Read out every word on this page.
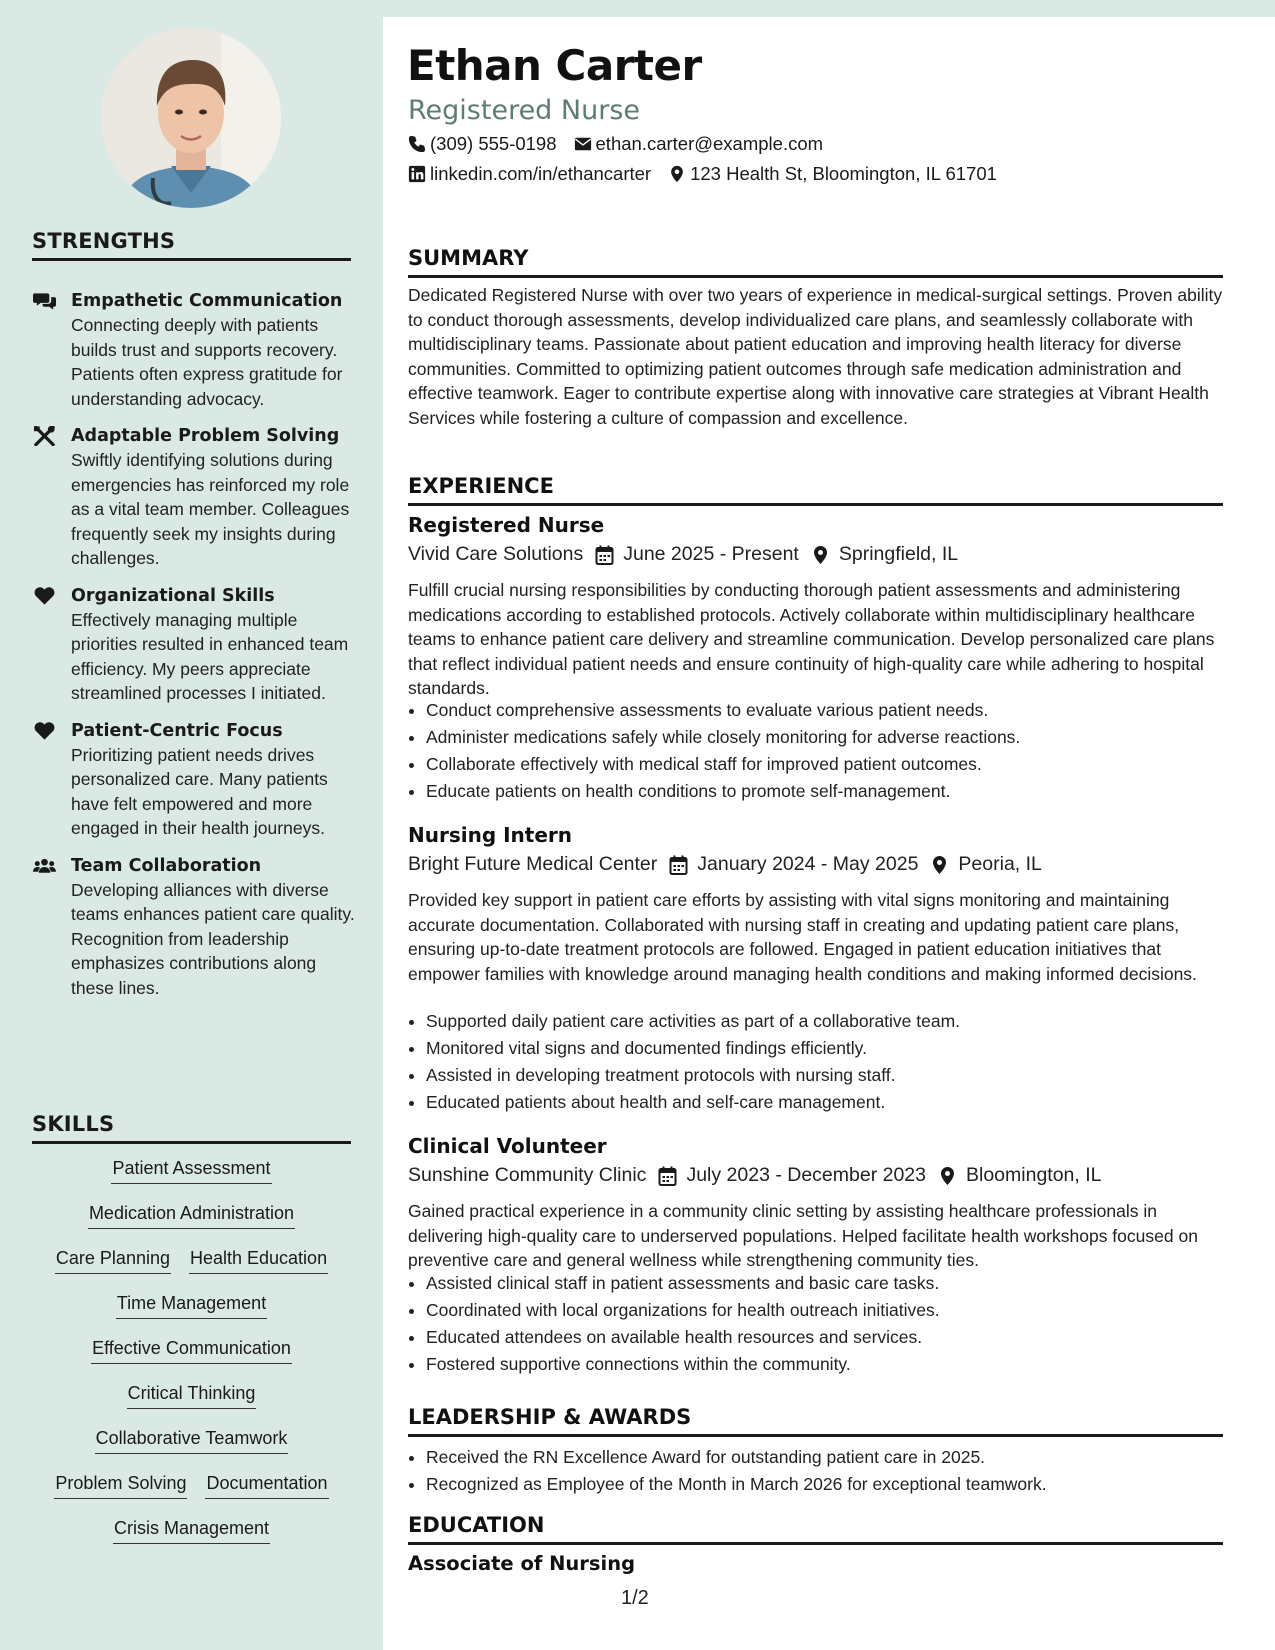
STRENGTHS
Empathetic Communication
Connecting deeply with patients builds trust and supports recovery. Patients often express gratitude for understanding advocacy.
Adaptable Problem Solving
Swiftly identifying solutions during emergencies has reinforced my role as a vital team member. Colleagues frequently seek my insights during challenges.
Organizational Skills
Effectively managing multiple priorities resulted in enhanced team efficiency. My peers appreciate streamlined processes I initiated.
Patient-Centric Focus
Prioritizing patient needs drives personalized care. Many patients have felt empowered and more engaged in their health journeys.
Team Collaboration
Developing alliances with diverse teams enhances patient care quality. Recognition from leadership emphasizes contributions along these lines.
SKILLS
Patient Assessment
Medication Administration
Care Planning Health Education
Time Management
Effective Communication
Critical Thinking
Collaborative Teamwork
Problem Solving Documentation
Crisis Management
Ethan Carter
Registered Nurse
(309) 555-0198 ethan.carter@example.com
linkedin.com/in/ethancarter 123 Health St, Bloomington, IL 61701
SUMMARY
Dedicated Registered Nurse with over two years of experience in medical-surgical settings. Proven ability to conduct thorough assessments, develop individualized care plans, and seamlessly collaborate with multidisciplinary teams. Passionate about patient education and improving health literacy for diverse communities. Committed to optimizing patient outcomes through safe medication administration and effective teamwork. Eager to contribute expertise along with innovative care strategies at Vibrant Health Services while fostering a culture of compassion and excellence.
EXPERIENCE
Registered Nurse
Vivid Care Solutions June 2025 - Present Springfield, IL
Fulfill crucial nursing responsibilities by conducting thorough patient assessments and administering medications according to established protocols. Actively collaborate within multidisciplinary healthcare teams to enhance patient care delivery and streamline communication. Develop personalized care plans that reflect individual patient needs and ensure continuity of high-quality care while adhering to hospital standards.
• Conduct comprehensive assessments to evaluate various patient needs.
• Administer medications safely while closely monitoring for adverse reactions.
• Collaborate effectively with medical staff for improved patient outcomes.
• Educate patients on health conditions to promote self-management.
Nursing Intern
Bright Future Medical Center January 2024 - May 2025 Peoria, IL
Provided key support in patient care efforts by assisting with vital signs monitoring and maintaining accurate documentation. Collaborated with nursing staff in creating and updating patient care plans, ensuring up-to-date treatment protocols are followed. Engaged in patient education initiatives that empower families with knowledge around managing health conditions and making informed decisions.
• Supported daily patient care activities as part of a collaborative team.
• Monitored vital signs and documented findings efficiently.
• Assisted in developing treatment protocols with nursing staff.
• Educated patients about health and self-care management.
Clinical Volunteer
Sunshine Community Clinic July 2023 - December 2023 Bloomington, IL
Gained practical experience in a community clinic setting by assisting healthcare professionals in delivering high-quality care to underserved populations. Helped facilitate health workshops focused on preventive care and general wellness while strengthening community ties.
• Assisted clinical staff in patient assessments and basic care tasks.
• Coordinated with local organizations for health outreach initiatives.
• Educated attendees on available health resources and services.
• Fostered supportive connections within the community.
LEADERSHIP & AWARDS
• Received the RN Excellence Award for outstanding patient care in 2025.
• Recognized as Employee of the Month in March 2026 for exceptional teamwork.
EDUCATION
Associate of Nursing
1/2
